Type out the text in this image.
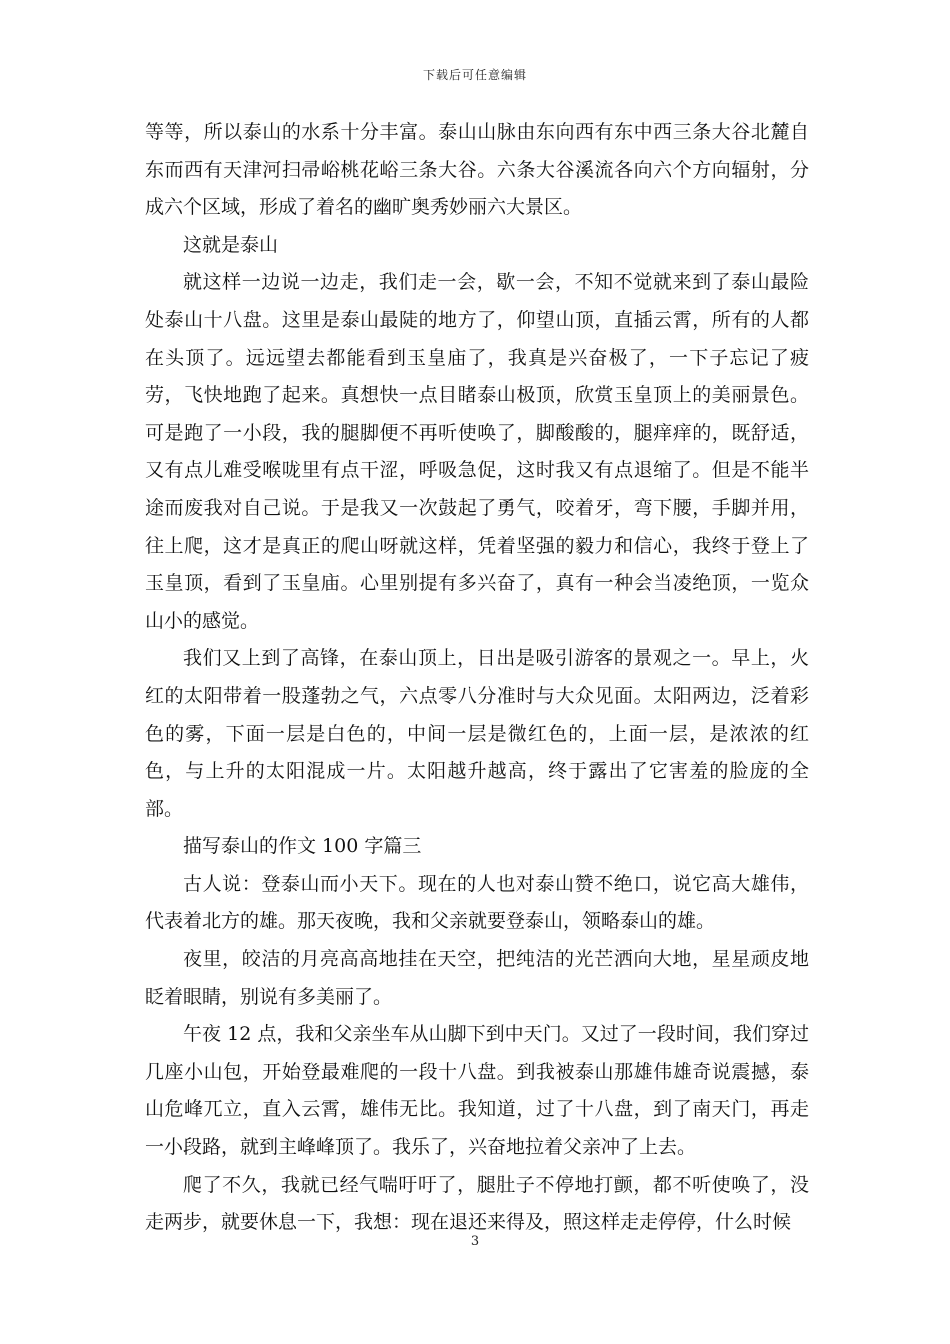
下载后可任意编辑

等等，所以泰山的水系十分丰富。泰山山脉由东向西有东中西三条大谷北麓自东而西有天津河扫帚峪桃花峪三条大谷。六条大谷溪流各向六个方向辐射，分成六个区域，形成了着名的幽旷奥秀妙丽六大景区。

这就是泰山

就这样一边说一边走，我们走一会，歇一会，不知不觉就来到了泰山最险处泰山十八盘。这里是泰山最陡的地方了，仰望山顶，直插云霄，所有的人都在头顶了。远远望去都能看到玉皇庙了，我真是兴奋极了，一下子忘记了疲劳，飞快地跑了起来。真想快一点目睹泰山极顶，欣赏玉皇顶上的美丽景色。可是跑了一小段，我的腿脚便不再听使唤了，脚酸酸的，腿痒痒的，既舒适，又有点儿难受喉咙里有点干涩，呼吸急促，这时我又有点退缩了。但是不能半途而废我对自己说。于是我又一次鼓起了勇气，咬着牙，弯下腰，手脚并用，往上爬，这才是真正的爬山呀就这样，凭着坚强的毅力和信心，我终于登上了玉皇顶，看到了玉皇庙。心里别提有多兴奋了，真有一种会当凌绝顶，一览众山小的感觉。

我们又上到了高锋，在泰山顶上，日出是吸引游客的景观之一。早上，火红的太阳带着一股蓬勃之气，六点零八分准时与大众见面。太阳两边，泛着彩色的雾，下面一层是白色的，中间一层是微红色的，上面一层，是浓浓的红色，与上升的太阳混成一片。太阳越升越高，终于露出了它害羞的脸庞的全部。

描写泰山的作文 100 字篇三

古人说：登泰山而小天下。现在的人也对泰山赞不绝口，说它高大雄伟，代表着北方的雄。那天夜晚，我和父亲就要登泰山，领略泰山的雄。

夜里，皎洁的月亮高高地挂在天空，把纯洁的光芒洒向大地，星星顽皮地眨着眼睛，别说有多美丽了。

午夜 12 点，我和父亲坐车从山脚下到中天门。又过了一段时间，我们穿过几座小山包，开始登最难爬的一段十八盘。到我被泰山那雄伟雄奇说震撼，泰山危峰兀立，直入云霄，雄伟无比。我知道，过了十八盘，到了南天门，再走一小段路，就到主峰峰顶了。我乐了，兴奋地拉着父亲冲了上去。

爬了不久，我就已经气喘吁吁了，腿肚子不停地打颤，都不听使唤了，没走两步，就要休息一下，我想：现在退还来得及，照这样走走停停，什么时候

3
